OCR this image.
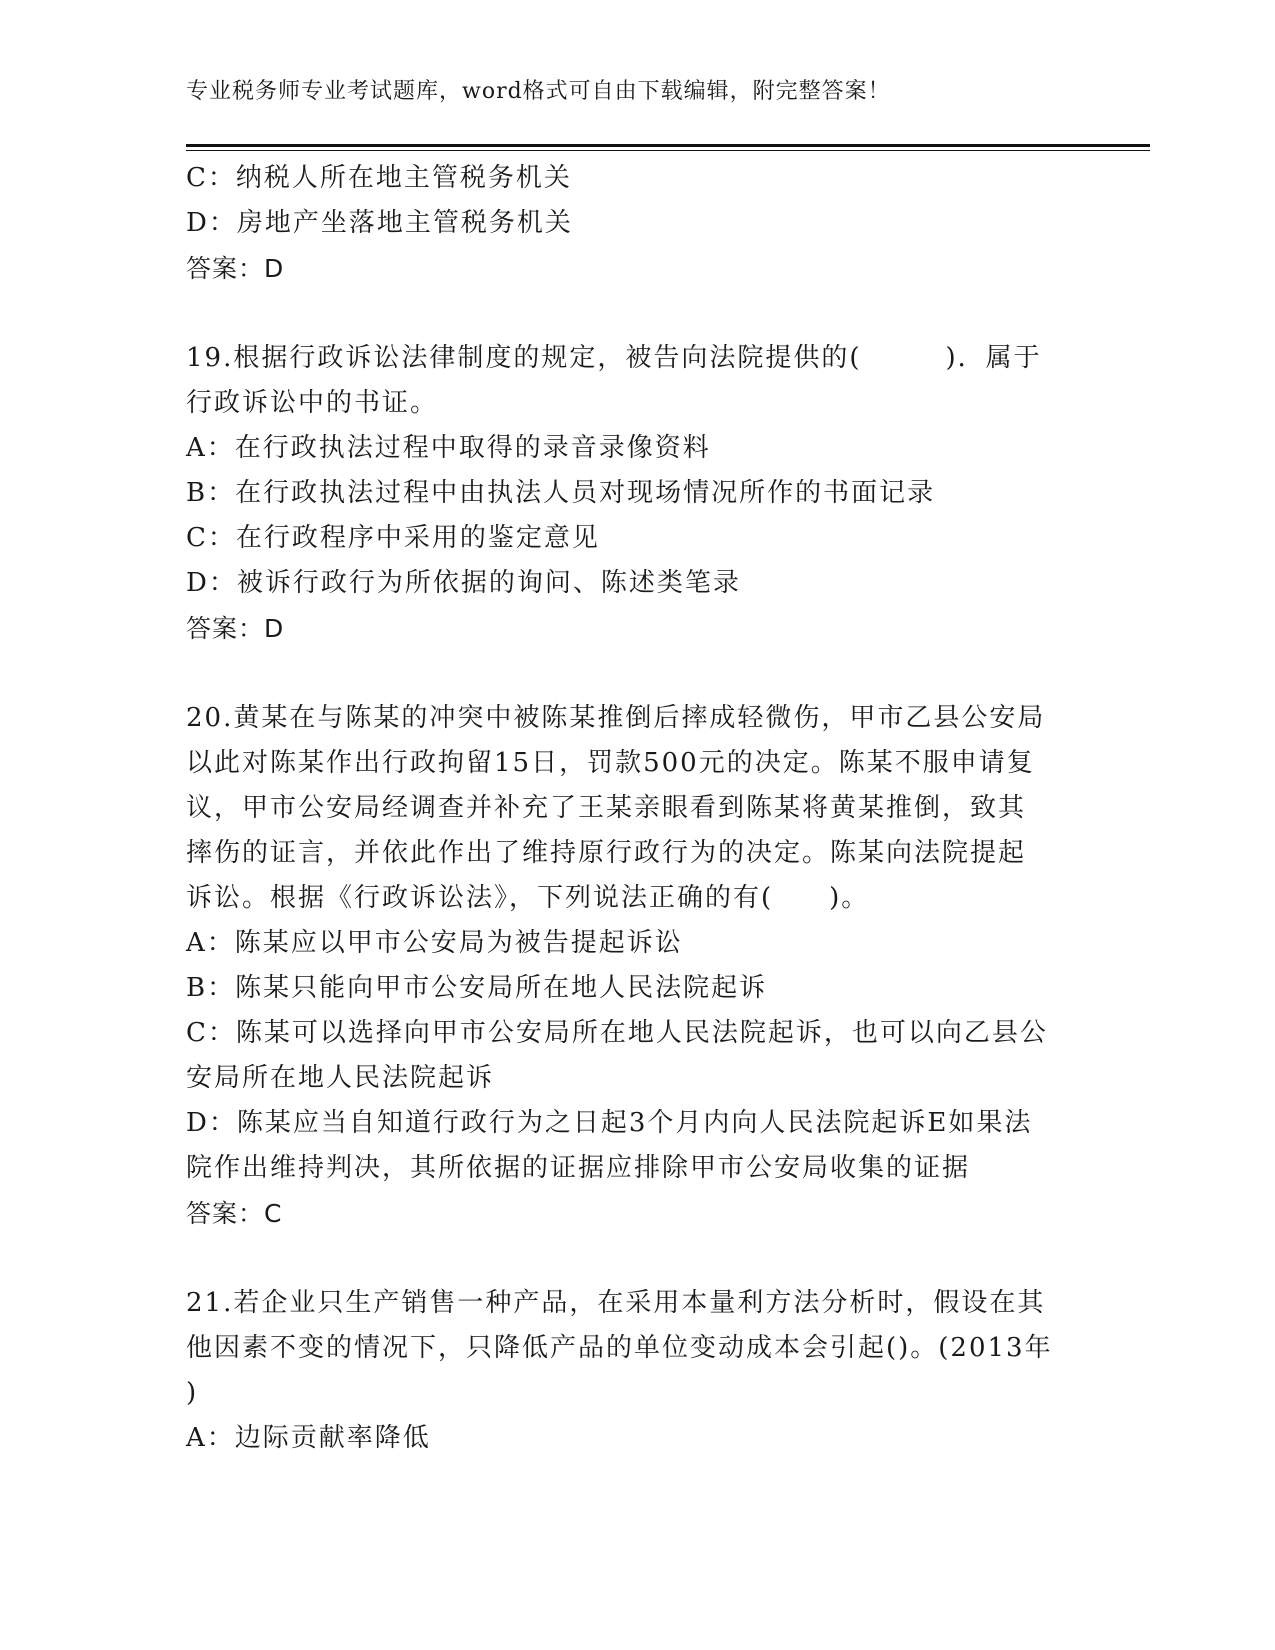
专业税务师专业考试题库，word格式可自由下载编辑，附完整答案！
C：纳税人所在地主管税务机关
D：房地产坐落地主管税务机关
答案：D
19.根据行政诉讼法律制度的规定，被告向法院提供的(　　　)．属于
行政诉讼中的书证。
A：在行政执法过程中取得的录音录像资料
B：在行政执法过程中由执法人员对现场情况所作的书面记录
C：在行政程序中采用的鉴定意见
D：被诉行政行为所依据的询问、陈述类笔录
答案：D
20.黄某在与陈某的冲突中被陈某推倒后摔成轻微伤，甲市乙县公安局
以此对陈某作出行政拘留15日，罚款500元的决定。陈某不服申请复
议，甲市公安局经调查并补充了王某亲眼看到陈某将黄某推倒，致其
摔伤的证言，并依此作出了维持原行政行为的决定。陈某向法院提起
诉讼。根据《行政诉讼法》，下列说法正确的有(　　)。
A：陈某应以甲市公安局为被告提起诉讼
B：陈某只能向甲市公安局所在地人民法院起诉
C：陈某可以选择向甲市公安局所在地人民法院起诉，也可以向乙县公
安局所在地人民法院起诉
D：陈某应当自知道行政行为之日起3个月内向人民法院起诉E如果法
院作出维持判决，其所依据的证据应排除甲市公安局收集的证据
答案：C
21.若企业只生产销售一种产品，在采用本量利方法分析时，假设在其
他因素不变的情况下，只降低产品的单位变动成本会引起()。(2013年
)
A：边际贡献率降低
